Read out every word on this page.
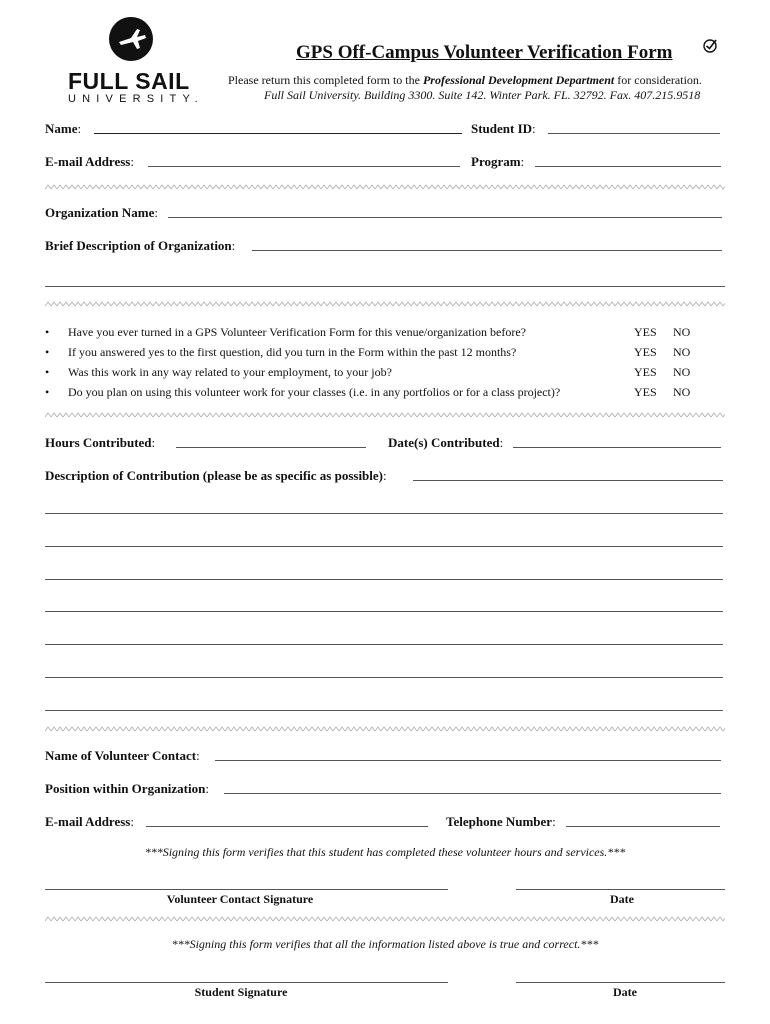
FULL SAIL
UNIVERSITY.
GPS Off-Campus Volunteer Verification Form
Please return this completed form to the Professional Development Department for consideration.
Full Sail University. Building 3300. Suite 142. Winter Park. FL. 32792. Fax. 407.215.9518
Name:	Student ID:
E-mail Address:	Program:
Organization Name:
Brief Description of Organization:
• Have you ever turned in a GPS Volunteer Verification Form for this venue/organization before?	YES NO
• If you answered yes to the first question, did you turn in the Form within the past 12 months?	YES NO
• Was this work in any way related to your employment, to your job?	YES NO
• Do you plan on using this volunteer work for your classes (i.e. in any portfolios or for a class project)?	YES NO
Hours Contributed:	Date(s) Contributed:
Description of Contribution (please be as specific as possible):
Name of Volunteer Contact:
Position within Organization:
E-mail Address:	Telephone Number:
***Signing this form verifies that this student has completed these volunteer hours and services.***
Volunteer Contact Signature	Date
***Signing this form verifies that all the information listed above is true and correct.***
Student Signature	Date
